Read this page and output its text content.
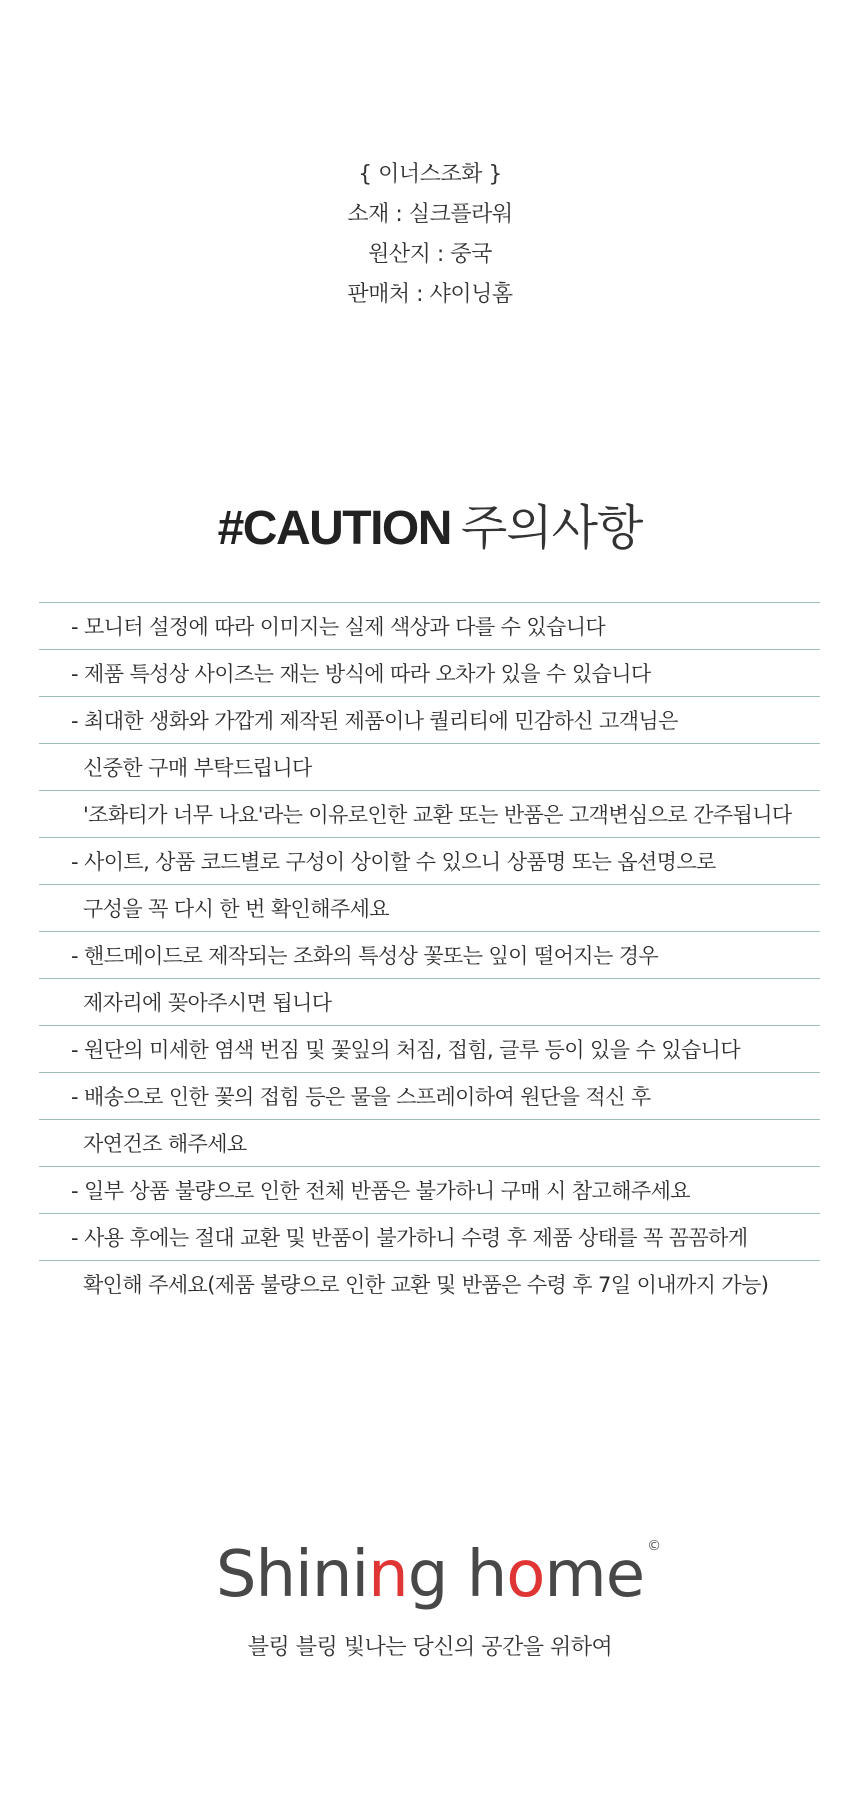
{ 이너스조화 }
소재 : 실크플라워
원산지 : 중국
판매처 : 샤이닝홈
#CAUTION 주의사항
- 모니터 설정에 따라 이미지는 실제 색상과 다를 수 있습니다
- 제품 특성상 사이즈는 재는 방식에 따라 오차가 있을 수 있습니다
- 최대한 생화와 가깝게 제작된 제품이나 퀄리티에 민감하신 고객님은
신중한 구매 부탁드립니다
'조화티가 너무 나요'라는 이유로인한 교환 또는 반품은 고객변심으로 간주됩니다
- 사이트, 상품 코드별로 구성이 상이할 수 있으니 상품명 또는 옵션명으로
구성을 꼭 다시 한 번 확인해주세요
- 핸드메이드로 제작되는 조화의 특성상 꽃또는 잎이 떨어지는 경우
제자리에 꽂아주시면 됩니다
- 원단의 미세한 염색 번짐 및 꽃잎의 처짐, 접힘, 글루 등이 있을 수 있습니다
- 배송으로 인한 꽃의 접힘 등은 물을 스프레이하여 원단을 적신 후
자연건조 해주세요
- 일부 상품 불량으로 인한 전체 반품은 불가하니 구매 시 참고해주세요
- 사용 후에는 절대 교환 및 반품이 불가하니 수령 후 제품 상태를 꼭 꼼꼼하게
확인해 주세요(제품 불량으로 인한 교환 및 반품은 수령 후 7일 이내까지 가능)
Shining home ©
블링 블링 빛나는 당신의 공간을 위하여
